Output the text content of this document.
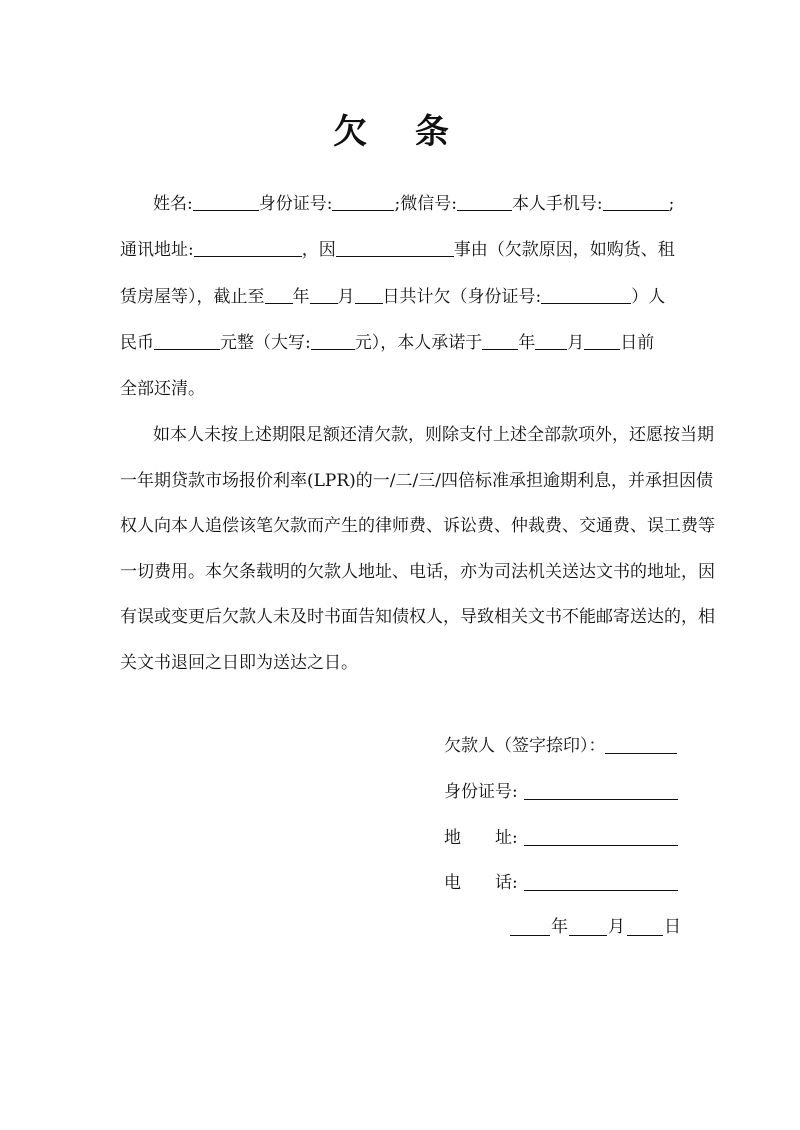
欠 条
姓名:	身份证号:	;微信号:	本人手机号:	;
通讯地址:	，因	事由（欠款原因，如购货、租
赁房屋等），截止至 年 月 日共计欠（身份证号:	）人
民币	元整（大写:	元），本人承诺于 年 月 日前
全部还清。
如本人未按上述期限足额还清欠款，则除支付上述全部款项外，还愿按当期
一年期贷款市场报价利率(LPR)的一/二/三/四倍标准承担逾期利息，并承担因债
权人向本人追偿该笔欠款而产生的律师费、诉讼费、仲裁费、交通费、误工费等
一切费用。本欠条载明的欠款人地址、电话，亦为司法机关送达文书的地址，因
有误或变更后欠款人未及时书面告知债权人，导致相关文书不能邮寄送达的，相
关文书退回之日即为送达之日。
欠款人（签字捺印）：
身份证号:
地　　址:
电　　话:
年 月 日
